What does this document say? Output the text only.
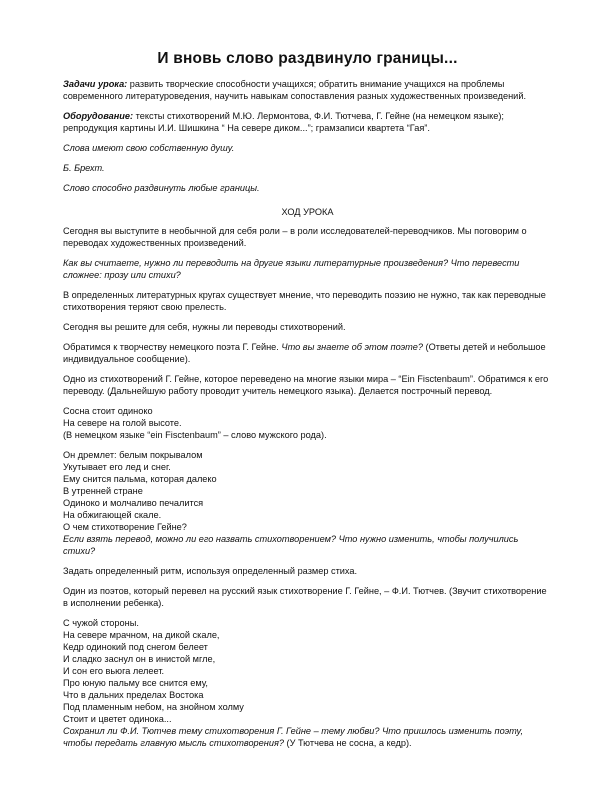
И вновь слово раздвинуло границы...

Задачи урока: развить творческие способности учащихся; обратить внимание учащихся на проблемы современного литературоведения, научить навыкам сопоставления разных художественных произведений.

Оборудование: тексты стихотворений М.Ю. Лермонтова, Ф.И. Тютчева, Г. Гейне (на немецком языке); репродукция картины И.И. Шишкина “ На севере диком...”; грамзаписи квартета “Гая”.

Слова имеют свою собственную душу.

Б. Брехт.

Слово способно раздвинуть любые границы.

ХОД УРОКА

Сегодня вы выступите в необычной для себя роли – в роли исследователей-переводчиков. Мы поговорим о переводах художественных произведений.

Как вы считаете, нужно ли переводить на другие языки литературные произведения? Что перевести сложнее: прозу или стихи?

В определенных литературных кругах существует мнение, что переводить поэзию не нужно, так как переводные стихотворения теряют свою прелесть.

Сегодня вы решите для себя, нужны ли переводы стихотворений.

Обратимся к творчеству немецкого поэта Г. Гейне. Что вы знаете об этом поэте? (Ответы детей и небольшое индивидуальное сообщение).

Одно из стихотворений Г. Гейне, которое переведено на многие языки мира – “Ein Fisctenbaum”. Обратимся к его переводу. (Дальнейшую работу проводит учитель немецкого языка). Делается построчный перевод.

Сосна стоит одиноко

На севере на голой высоте.

(В немецком языке “ein Fisctenbaum” – слово мужского рода).

Он дремлет: белым покрывалом

Укутывает его лед и снег.

Ему снится пальма, которая далеко

В утренней стране

Одиноко и молчаливо печалится

На обжигающей скале.

О чем стихотворение Гейне?

Если взять перевод, можно ли его назвать стихотворением? Что нужно изменить, чтобы получились стихи?

Задать определенный ритм, используя определенный размер стиха.

Один из поэтов, который перевел на русский язык стихотворение Г. Гейне, – Ф.И. Тютчев. (Звучит стихотворение в исполнении ребенка).

С чужой стороны.

На севере мрачном, на дикой скале,

Кедр одинокий под снегом белеет

И сладко заснул он в инистой мгле,

И сон его вьюга лелеет.

Про юную пальму все снится ему,

Что в дальних пределах Востока

Под пламенным небом, на знойном холму

Стоит и цветет одинока...

Сохранил ли Ф.И. Тютчев тему стихотворения Г. Гейне – тему любви? Что пришлось изменить поэту, чтобы передать главную мысль стихотворения? (У Тютчева не сосна, а кедр).
